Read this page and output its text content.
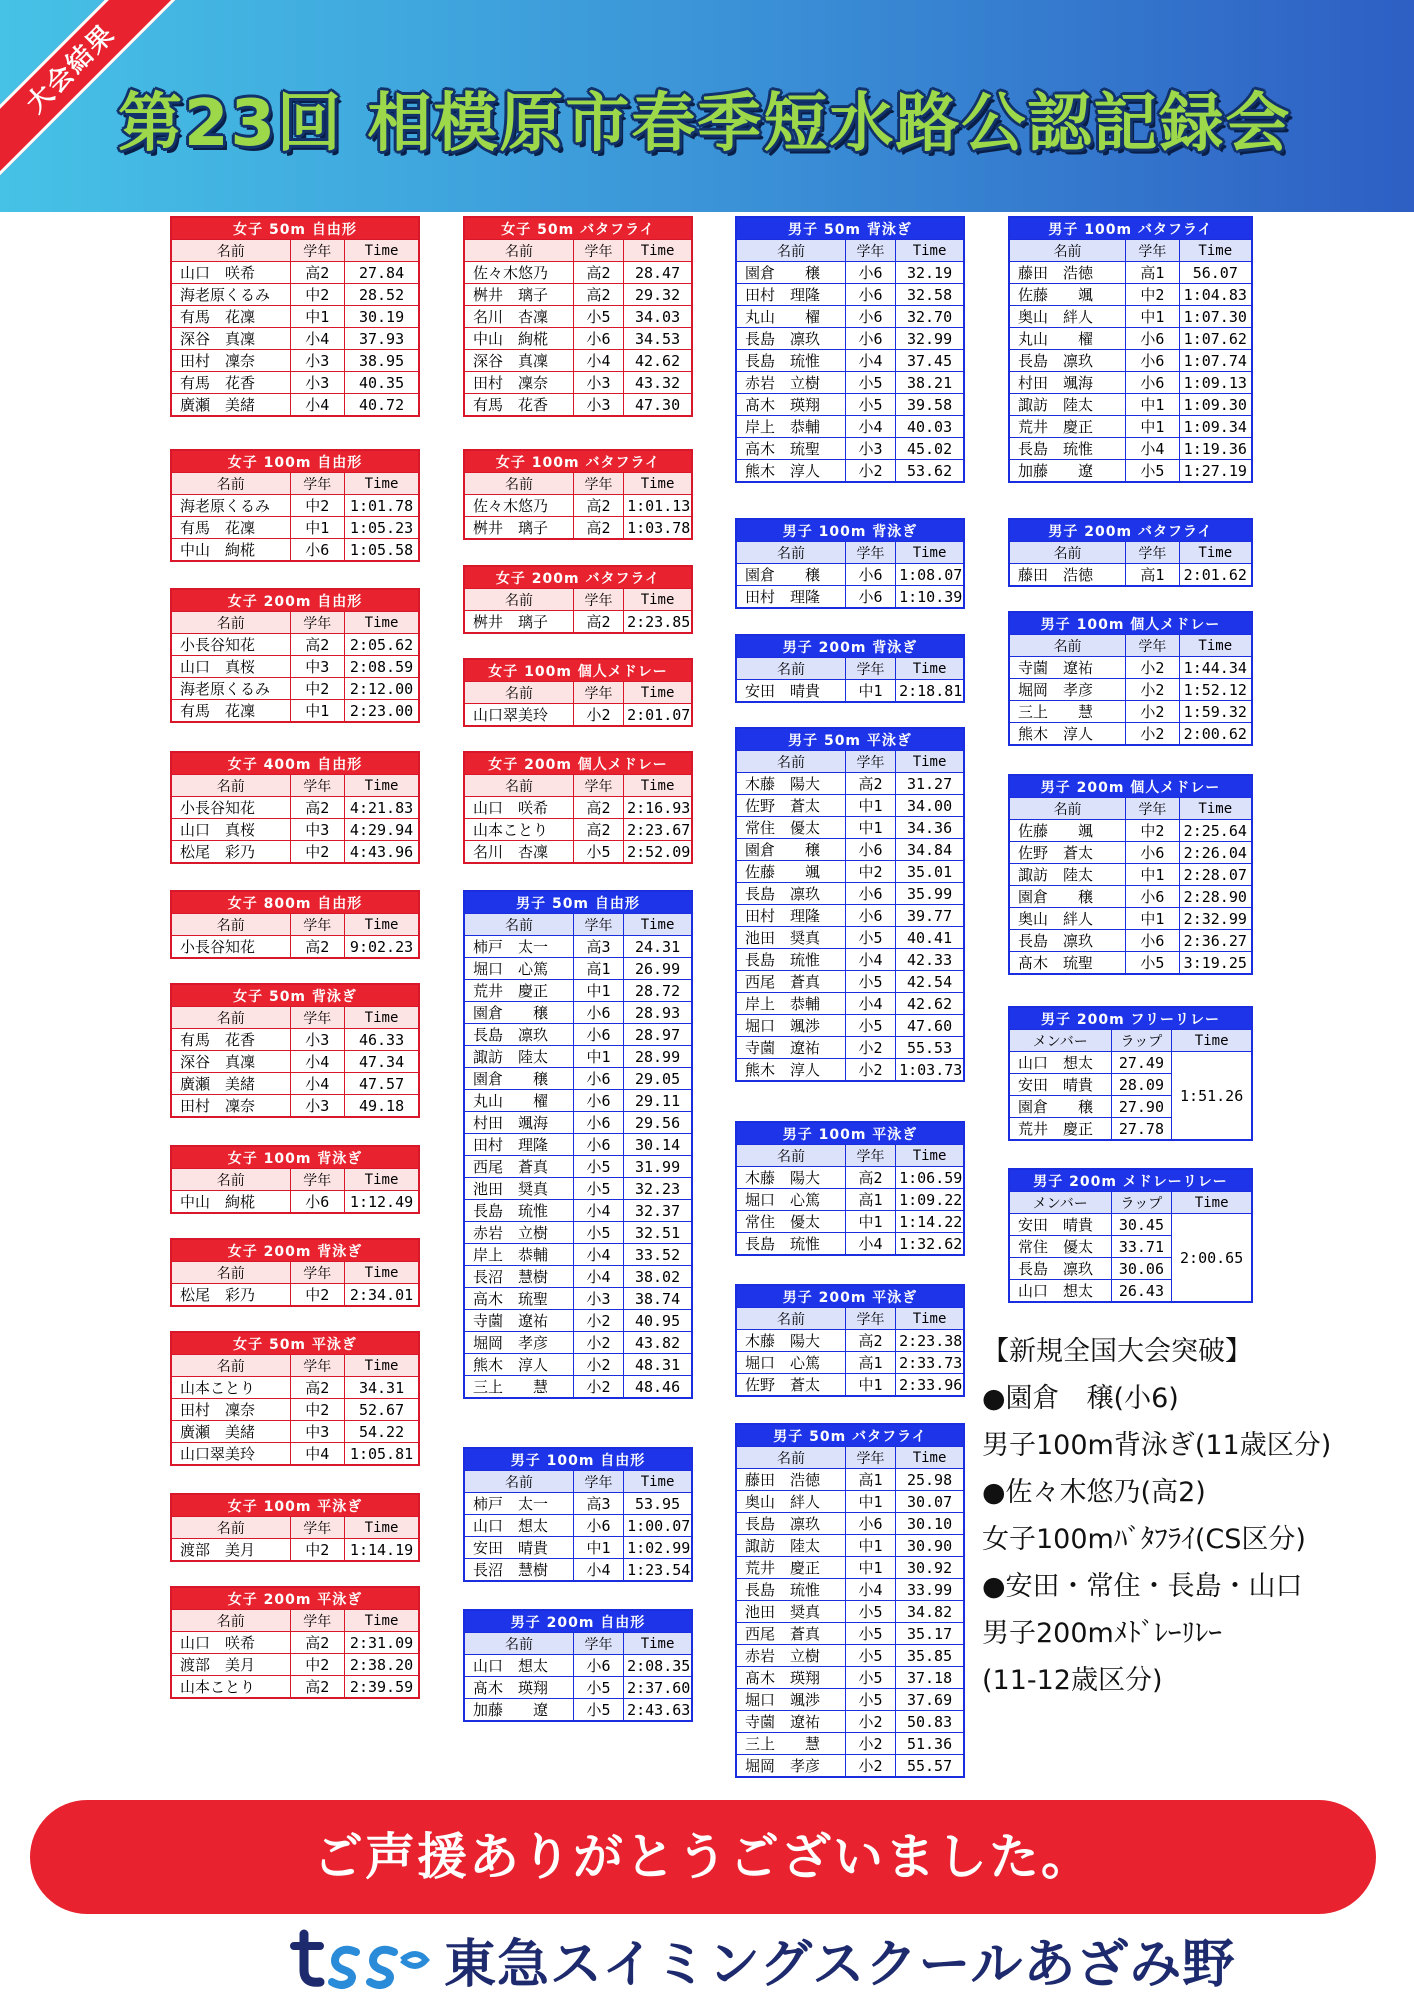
大会結果
第23回 相模原市春季短水路公認記録会
女子 50m 自由形		
名前	学年	Time
山口　咲希	高2	27.84
海老原くるみ	中2	28.52
有馬　花凜	中1	30.19
深谷　真凜	小4	37.93
田村　凜奈	小3	38.95
有馬　花香	小3	40.35
廣瀬　美緒	小4	40.72
女子 100m 自由形		
名前	学年	Time
海老原くるみ	中2	1:01.78
有馬　花凜	中1	1:05.23
中山　絢椛	小6	1:05.58
女子 200m 自由形		
名前	学年	Time
小長谷知花	高2	2:05.62
山口　真桜	中3	2:08.59
海老原くるみ	中2	2:12.00
有馬　花凜	中1	2:23.00
女子 400m 自由形		
名前	学年	Time
小長谷知花	高2	4:21.83
山口　真桜	中3	4:29.94
松尾　彩乃	中2	4:43.96
女子 800m 自由形		
名前	学年	Time
小長谷知花	高2	9:02.23
女子 50m 背泳ぎ		
名前	学年	Time
有馬　花香	小3	46.33
深谷　真凜	小4	47.34
廣瀬　美緒	小4	47.57
田村　凜奈	小3	49.18
女子 100m 背泳ぎ		
名前	学年	Time
中山　絢椛	小6	1:12.49
女子 200m 背泳ぎ		
名前	学年	Time
松尾　彩乃	中2	2:34.01
女子 50m 平泳ぎ		
名前	学年	Time
山本ことり	高2	34.31
田村　凜奈	中2	52.67
廣瀬　美緒	中3	54.22
山口翠美玲	中4	1:05.81
女子 100m 平泳ぎ		
名前	学年	Time
渡部　美月	中2	1:14.19
女子 200m 平泳ぎ		
名前	学年	Time
山口　咲希	高2	2:31.09
渡部　美月	中2	2:38.20
山本ことり	高2	2:39.59
女子 50m バタフライ		
名前	学年	Time
佐々木悠乃	高2	28.47
桝井　璃子	高2	29.32
名川　杏凜	小5	34.03
中山　絢椛	小6	34.53
深谷　真凜	小4	42.62
田村　凜奈	小3	43.32
有馬　花香	小3	47.30
女子 100m バタフライ		
名前	学年	Time
佐々木悠乃	高2	1:01.13
桝井　璃子	高2	1:03.78
女子 200m バタフライ		
名前	学年	Time
桝井　璃子	高2	2:23.85
女子 100m 個人メドレー		
名前	学年	Time
山口翠美玲	小2	2:01.07
女子 200m 個人メドレー		
名前	学年	Time
山口　咲希	高2	2:16.93
山本ことり	高2	2:23.67
名川　杏凜	小5	2:52.09
男子 50m 自由形		
名前	学年	Time
柿戸　太一	高3	24.31
堀口　心篤	高1	26.99
荒井　慶正	中1	28.72
園倉　　穣	小6	28.93
長島　凛玖	小6	28.97
諏訪　陸太	中1	28.99
園倉　　穣	小6	29.05
丸山　　櫂	小6	29.11
村田　颯海	小6	29.56
田村　理隆	小6	30.14
西尾　蒼真	小5	31.99
池田　奨真	小5	32.23
長島　琉惟	小4	32.37
赤岩　立樹	小5	32.51
岸上　恭輔	小4	33.52
長沼　慧樹	小4	38.02
高木　琉聖	小3	38.74
寺薗　遼祐	小2	40.95
堀岡　孝彦	小2	43.82
熊木　淳人	小2	48.31
三上　　慧	小2	48.46
男子 100m 自由形		
名前	学年	Time
柿戸　太一	高3	53.95
山口　想太	小6	1:00.07
安田　晴貴	中1	1:02.99
長沼　慧樹	小4	1:23.54
男子 200m 自由形		
名前	学年	Time
山口　想太	小6	2:08.35
髙木　瑛翔	小5	2:37.60
加藤　　遼	小5	2:43.63
男子 50m 背泳ぎ		
名前	学年	Time
園倉　　穣	小6	32.19
田村　理隆	小6	32.58
丸山　　櫂	小6	32.70
長島　凛玖	小6	32.99
長島　琉惟	小4	37.45
赤岩　立樹	小5	38.21
髙木　瑛翔	小5	39.58
岸上　恭輔	小4	40.03
高木　琉聖	小3	45.02
熊木　淳人	小2	53.62
男子 100m 背泳ぎ		
名前	学年	Time
園倉　　穣	小6	1:08.07
田村　理隆	小6	1:10.39
男子 200m 背泳ぎ		
名前	学年	Time
安田　晴貴	中1	2:18.81
男子 50m 平泳ぎ		
名前	学年	Time
木藤　陽大	高2	31.27
佐野　蒼太	中1	34.00
常住　優太	中1	34.36
園倉　　穣	小6	34.84
佐藤　　颯	中2	35.01
長島　凛玖	小6	35.99
田村　理隆	小6	39.77
池田　奨真	小5	40.41
長島　琉惟	小4	42.33
西尾　蒼真	小5	42.54
岸上　恭輔	小4	42.62
堀口　颯渉	小5	47.60
寺薗　遼祐	小2	55.53
熊木　淳人	小2	1:03.73
男子 100m 平泳ぎ		
名前	学年	Time
木藤　陽大	高2	1:06.59
堀口　心篤	高1	1:09.22
常住　優太	中1	1:14.22
長島　琉惟	小4	1:32.62
男子 200m 平泳ぎ		
名前	学年	Time
木藤　陽大	高2	2:23.38
堀口　心篤	高1	2:33.73
佐野　蒼太	中1	2:33.96
男子 50m バタフライ		
名前	学年	Time
藤田　浩徳	高1	25.98
奥山　絆人	中1	30.07
長島　凛玖	小6	30.10
諏訪　陸太	中1	30.90
荒井　慶正	中1	30.92
長島　琉惟	小4	33.99
池田　奨真	小5	34.82
西尾　蒼真	小5	35.17
赤岩　立樹	小5	35.85
髙木　瑛翔	小5	37.18
堀口　颯渉	小5	37.69
寺薗　遼祐	小2	50.83
三上　　慧	小2	51.36
堀岡　孝彦	小2	55.57
男子 100m バタフライ		
名前	学年	Time
藤田　浩徳	高1	56.07
佐藤　　颯	中2	1:04.83
奥山　絆人	中1	1:07.30
丸山　　櫂	小6	1:07.62
長島　凛玖	小6	1:07.74
村田　颯海	小6	1:09.13
諏訪　陸太	中1	1:09.30
荒井　慶正	中1	1:09.34
長島　琉惟	小4	1:19.36
加藤　　遼	小5	1:27.19
男子 200m バタフライ		
名前	学年	Time
藤田　浩徳	高1	2:01.62
男子 100m 個人メドレー		
名前	学年	Time
寺薗　遼祐	小2	1:44.34
堀岡　孝彦	小2	1:52.12
三上　　慧	小2	1:59.32
熊木　淳人	小2	2:00.62
男子 200m 個人メドレー		
名前	学年	Time
佐藤　　颯	中2	2:25.64
佐野　蒼太	小6	2:26.04
諏訪　陸太	中1	2:28.07
園倉　　穣	小6	2:28.90
奥山　絆人	中1	2:32.99
長島　凛玖	小6	2:36.27
髙木　琉聖	小5	3:19.25
男子 200m フリーリレー		
メンバー	ラップ	Time
山口　想太	27.49	1:51.26
安田　晴貴	28.09	
園倉　　穣	27.90	
荒井　慶正	27.78	
男子 200m メドレーリレー		
メンバー	ラップ	Time
安田　晴貴	30.45	2:00.65
常住　優太	33.71	
長島　凛玖	30.06	
山口　想太	26.43	
【新規全国大会突破】
●園倉　穣(小6)
男子100m背泳ぎ(11歳区分)
●佐々木悠乃(高2)
女子100mﾊﾞﾀﾌﾗｲ(CS区分)
●安田・常住・長島・山口
男子200mﾒﾄﾞﾚｰﾘﾚｰ
(11-12歳区分)
ご声援ありがとうございました。
東急スイミングスクールあざみ野
